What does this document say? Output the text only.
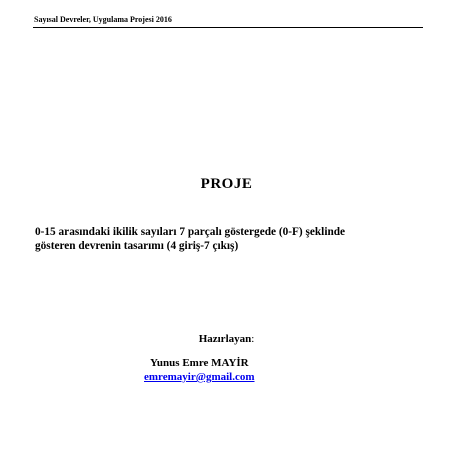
Sayısal Devreler, Uygulama Projesi 2016
PROJE
0-15 arasındaki ikilik sayıları 7 parçalı göstergede (0-F) şeklinde
gösteren devrenin tasarımı (4 giriş-7 çıkış)
Hazırlayan:
Yunus Emre MAYİR
emremayir@gmail.com
